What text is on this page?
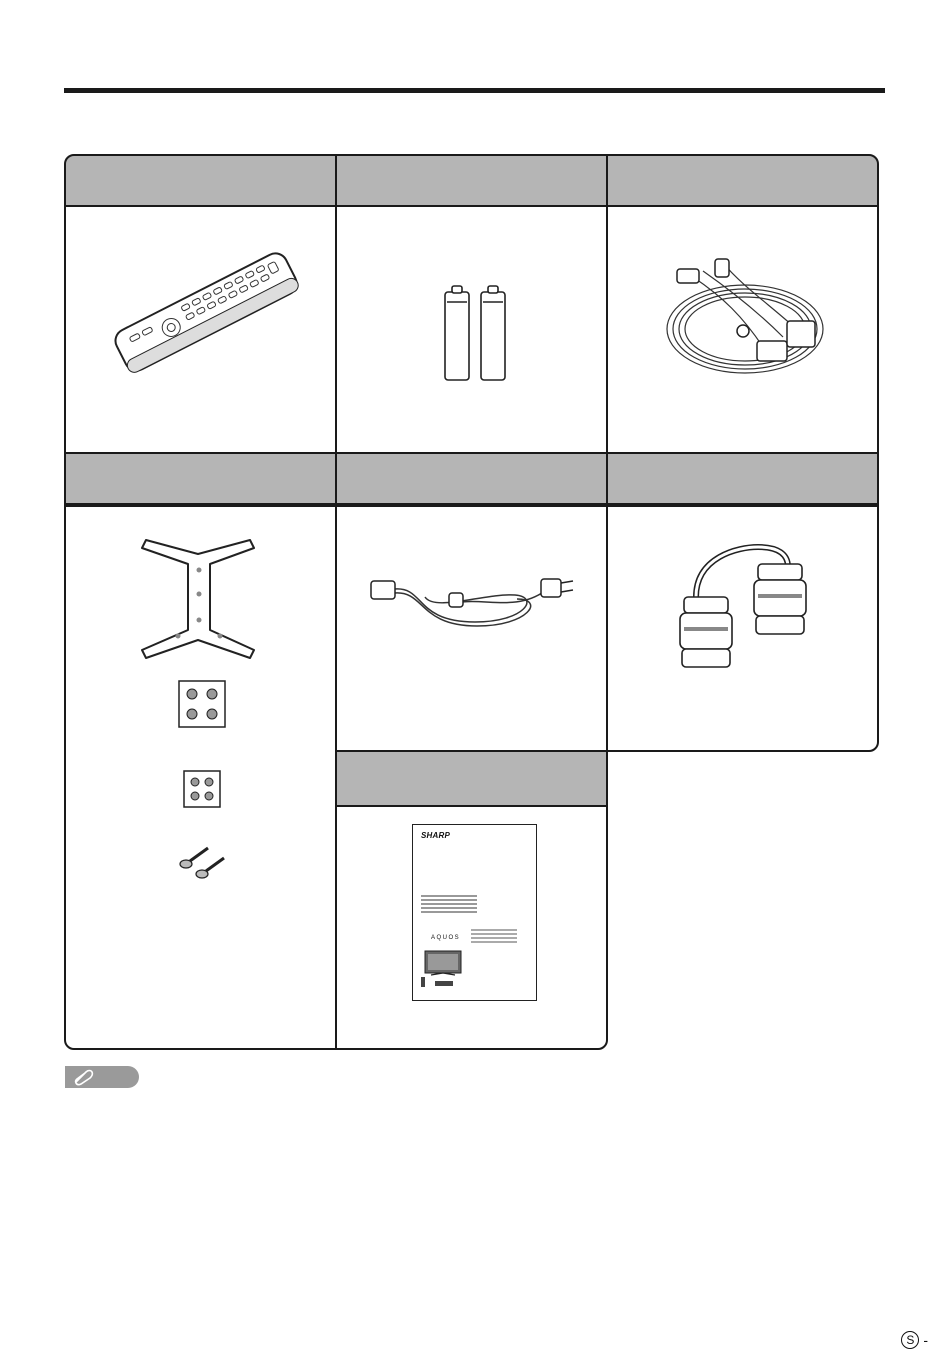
SHARP
AQUOS
S -
